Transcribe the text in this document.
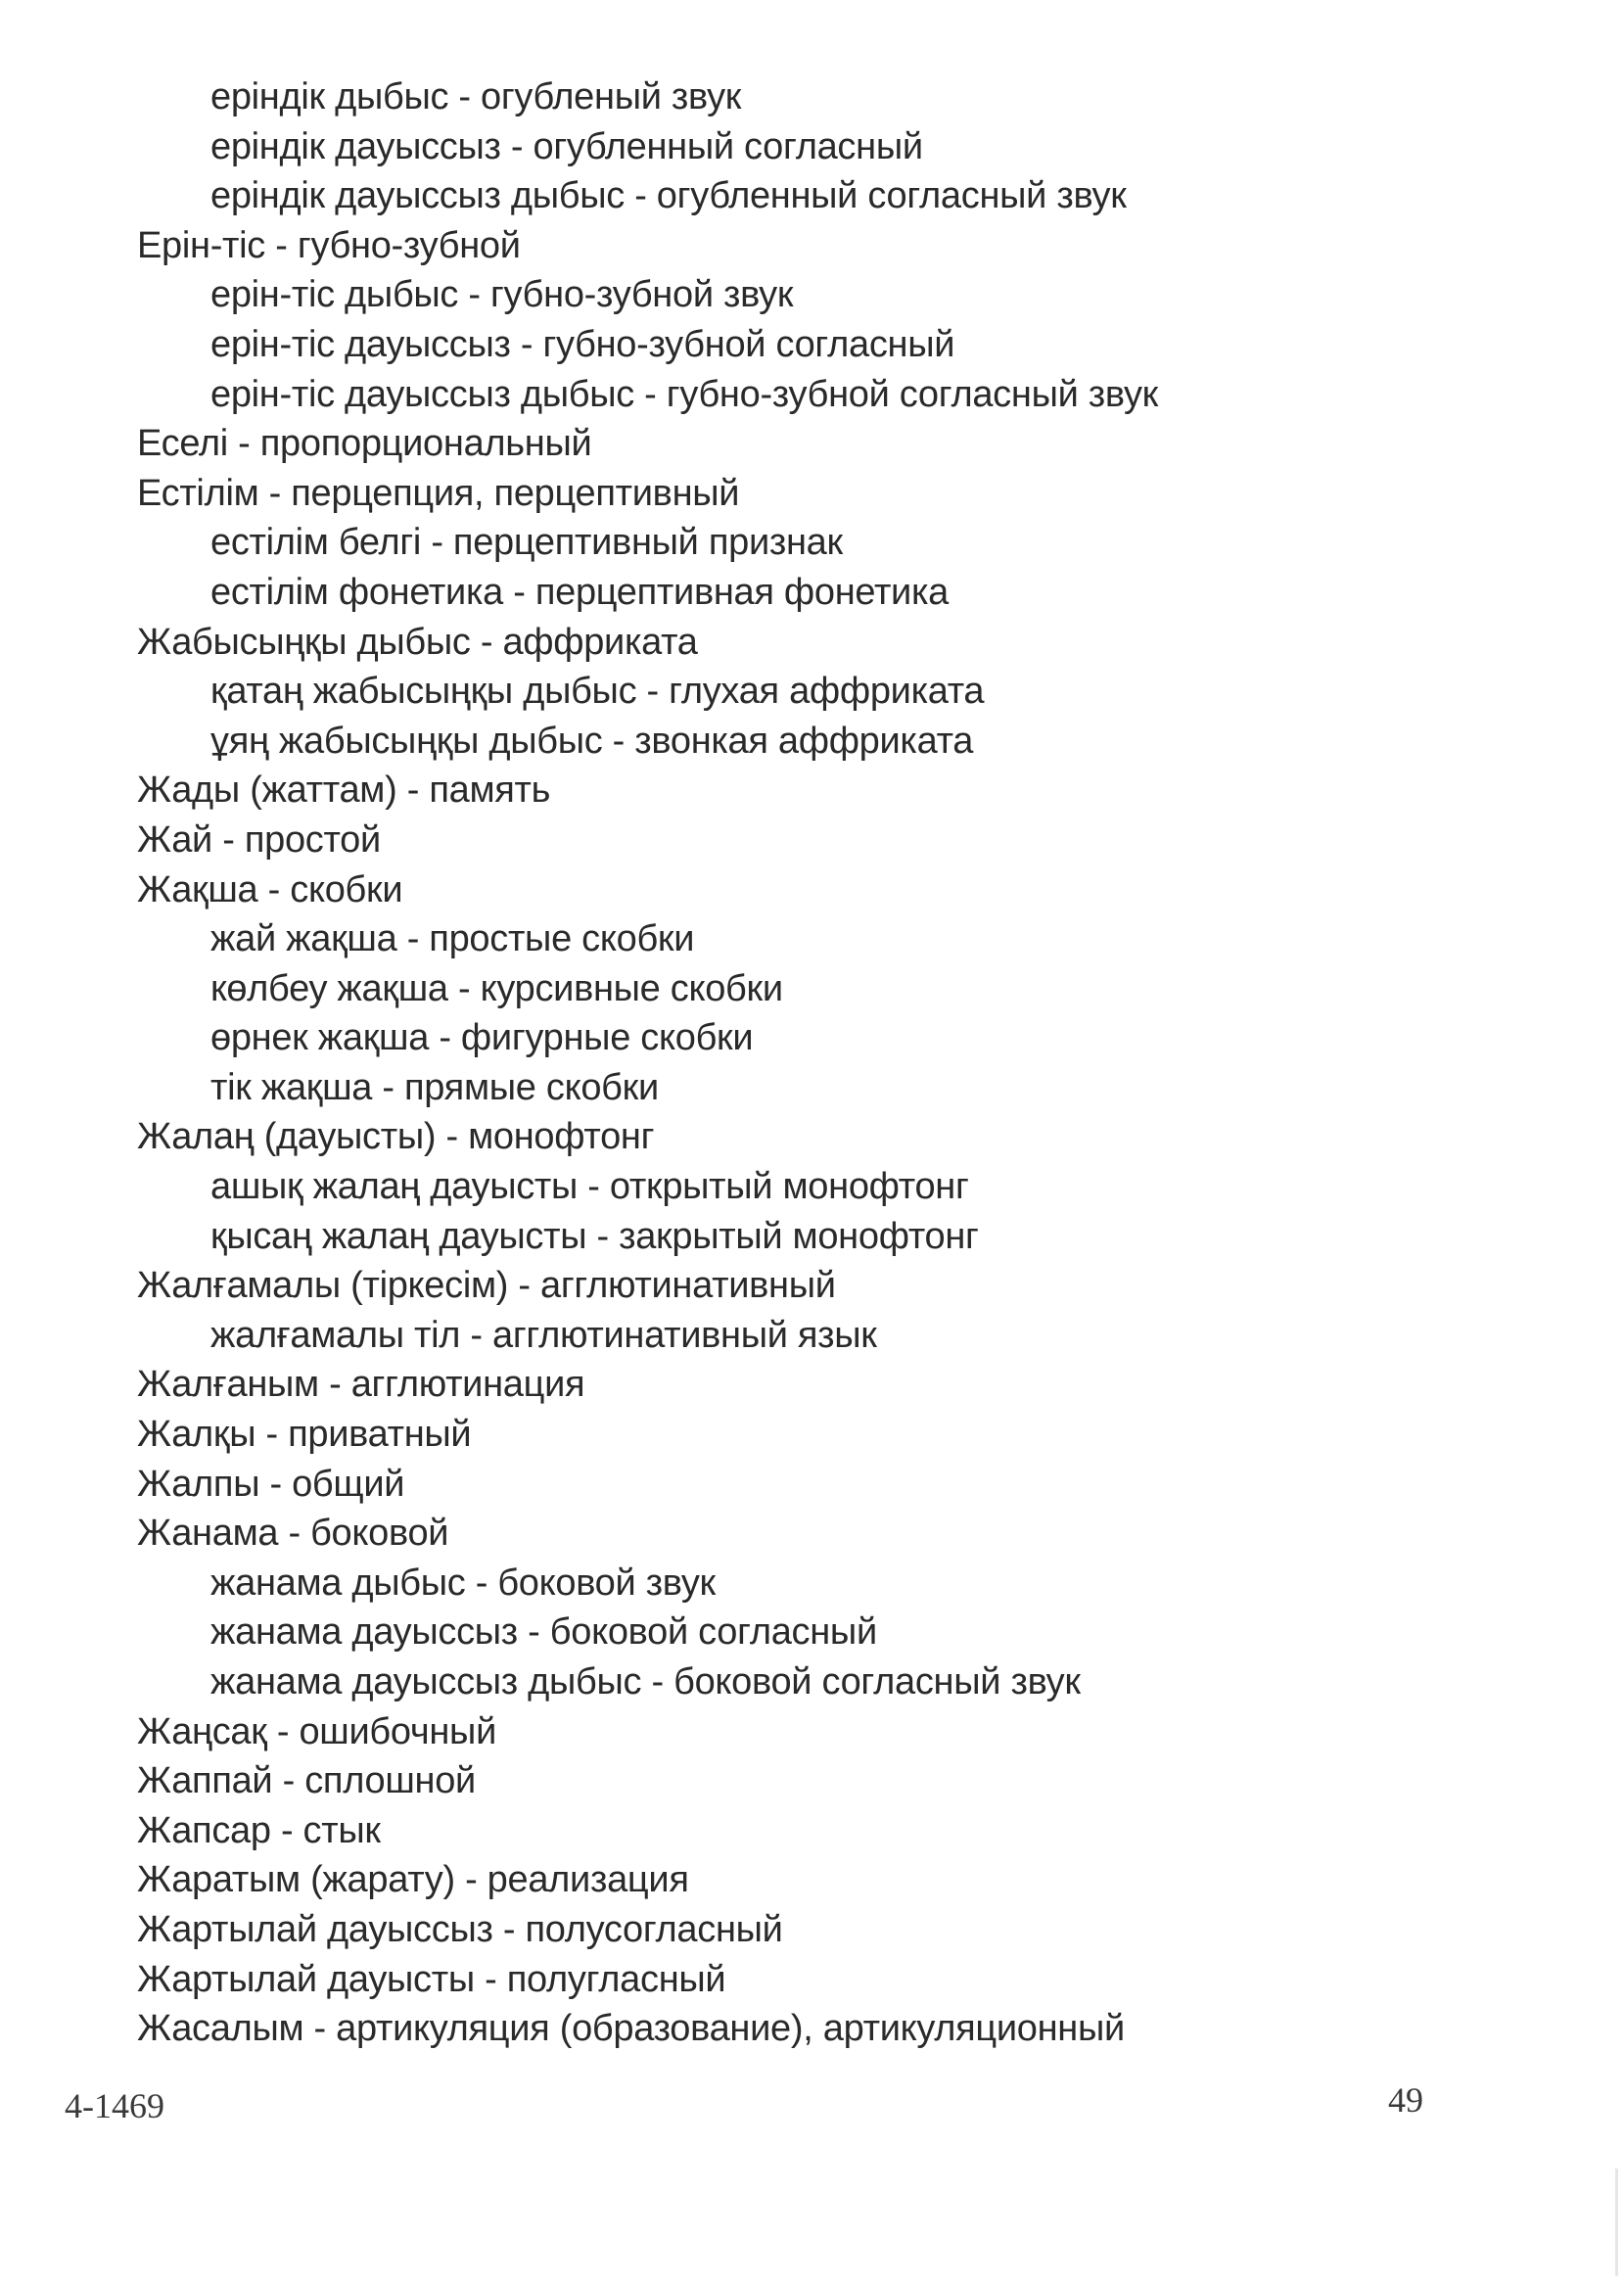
еріндік дыбыс - огубленый звук
еріндік дауыссыз - огубленный согласный
еріндік дауыссыз дыбыс - огубленный согласный звук
Ерін-тіс - губно-зубной
ерін-тіс дыбыс - губно-зубной звук
ерін-тіс дауыссыз - губно-зубной согласный
ерін-тіс дауыссыз дыбыс - губно-зубной согласный звук
Еселі - пропорциональный
Естілім - перцепция, перцептивный
естілім белгі - перцептивный признак
естілім фонетика - перцептивная фонетика
Жабысыңқы дыбыс - аффриката
қатаң жабысыңқы дыбыс - глухая аффриката
ұяң жабысыңқы дыбыс - звонкая аффриката
Жады (жаттам) - память
Жай - простой
Жақша - скобки
жай жақша - простые скобки
көлбеу жақша - курсивные скобки
өрнек жақша - фигурные скобки
тік жақша - прямые скобки
Жалаң (дауысты) - монофтонг
ашық жалаң дауысты - открытый монофтонг
қысаң жалаң дауысты - закрытый монофтонг
Жалғамалы (тіркесім) - агглютинативный
жалғамалы тіл - агглютинативный язык
Жалғаным - агглютинация
Жалқы - приватный
Жалпы - общий
Жанама - боковой
жанама дыбыс - боковой звук
жанама дауыссыз - боковой согласный
жанама дауыссыз дыбыс - боковой согласный звук
Жаңсақ - ошибочный
Жаппай - сплошной
Жапсар - стык
Жаратым (жарату) - реализация
Жартылай дауыссыз - полусогласный
Жартылай дауысты - полугласный
Жасалым - артикуляция (образование), артикуляционный
4-1469	49
